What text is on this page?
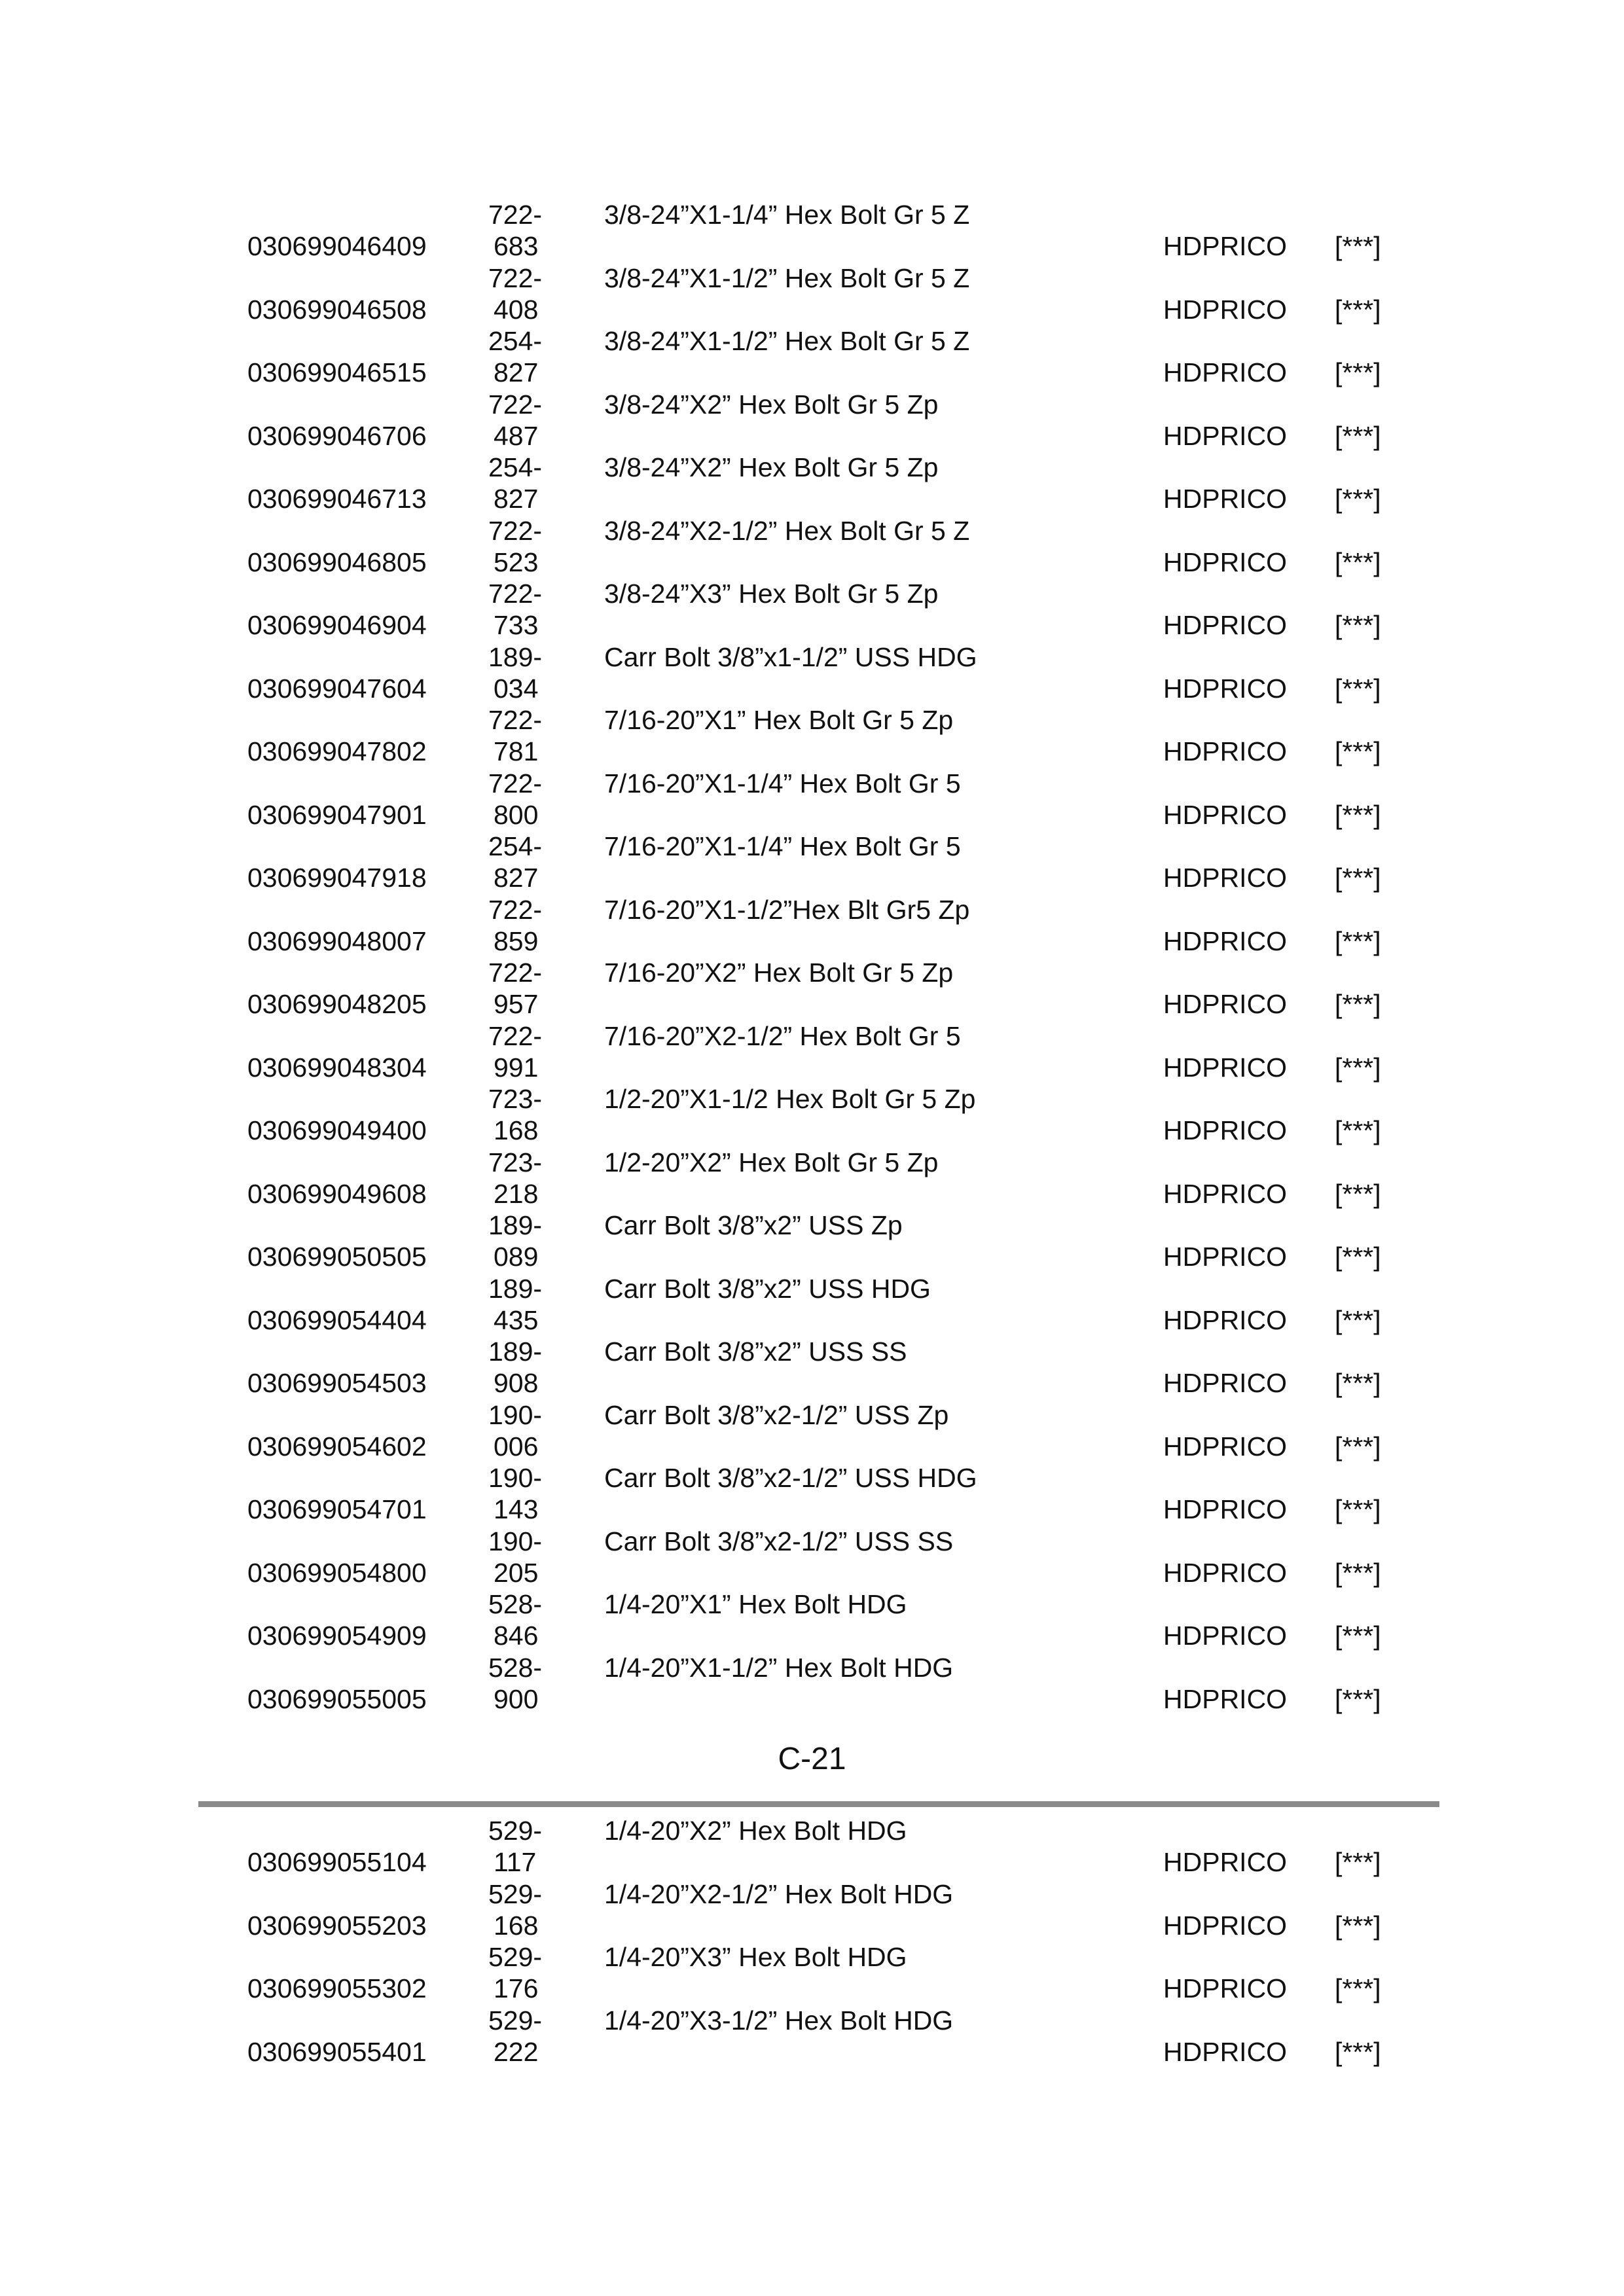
030699046409
722-
683
3/8-24”X1-1/4” Hex Bolt Gr 5 Z
HDPRICO [***]
030699046508
722-
408
3/8-24”X1-1/2” Hex Bolt Gr 5 Z
HDPRICO [***]
030699046515
254-
827
3/8-24”X1-1/2” Hex Bolt Gr 5 Z
HDPRICO [***]
030699046706
722-
487
3/8-24”X2” Hex Bolt Gr 5 Zp
HDPRICO [***]
030699046713
254-
827
3/8-24”X2” Hex Bolt Gr 5 Zp
HDPRICO [***]
030699046805
722-
523
3/8-24”X2-1/2” Hex Bolt Gr 5 Z
HDPRICO [***]
030699046904
722-
733
3/8-24”X3” Hex Bolt Gr 5 Zp
HDPRICO [***]
030699047604
189-
034
Carr Bolt 3/8”x1-1/2” USS HDG
HDPRICO [***]
030699047802
722-
781
7/16-20”X1” Hex Bolt Gr 5 Zp
HDPRICO [***]
030699047901
722-
800
7/16-20”X1-1/4” Hex Bolt Gr 5
HDPRICO [***]
030699047918
254-
827
7/16-20”X1-1/4” Hex Bolt Gr 5
HDPRICO [***]
030699048007
722-
859
7/16-20”X1-1/2”Hex Blt Gr5 Zp
HDPRICO [***]
030699048205
722-
957
7/16-20”X2” Hex Bolt Gr 5 Zp
HDPRICO [***]
030699048304
722-
991
7/16-20”X2-1/2” Hex Bolt Gr 5
HDPRICO [***]
030699049400
723-
168
1/2-20”X1-1/2 Hex Bolt Gr 5 Zp
HDPRICO [***]
030699049608
723-
218
1/2-20”X2” Hex Bolt Gr 5 Zp
HDPRICO [***]
030699050505
189-
089
Carr Bolt 3/8”x2” USS Zp
HDPRICO [***]
030699054404
189-
435
Carr Bolt 3/8”x2” USS HDG
HDPRICO [***]
030699054503
189-
908
Carr Bolt 3/8”x2” USS SS
HDPRICO [***]
030699054602
190-
006
Carr Bolt 3/8”x2-1/2” USS Zp
HDPRICO [***]
030699054701
190-
143
Carr Bolt 3/8”x2-1/2” USS HDG
HDPRICO [***]
030699054800
190-
205
Carr Bolt 3/8”x2-1/2” USS SS
HDPRICO [***]
030699054909
528-
846
1/4-20”X1” Hex Bolt HDG
HDPRICO [***]
030699055005
528-
900
1/4-20”X1-1/2” Hex Bolt HDG
HDPRICO [***]
C-21
030699055104
529-
117
1/4-20”X2” Hex Bolt HDG
HDPRICO [***]
030699055203
529-
168
1/4-20”X2-1/2” Hex Bolt HDG
HDPRICO [***]
030699055302
529-
176
1/4-20”X3” Hex Bolt HDG
HDPRICO [***]
030699055401
529-
222
1/4-20”X3-1/2” Hex Bolt HDG
HDPRICO [***]
